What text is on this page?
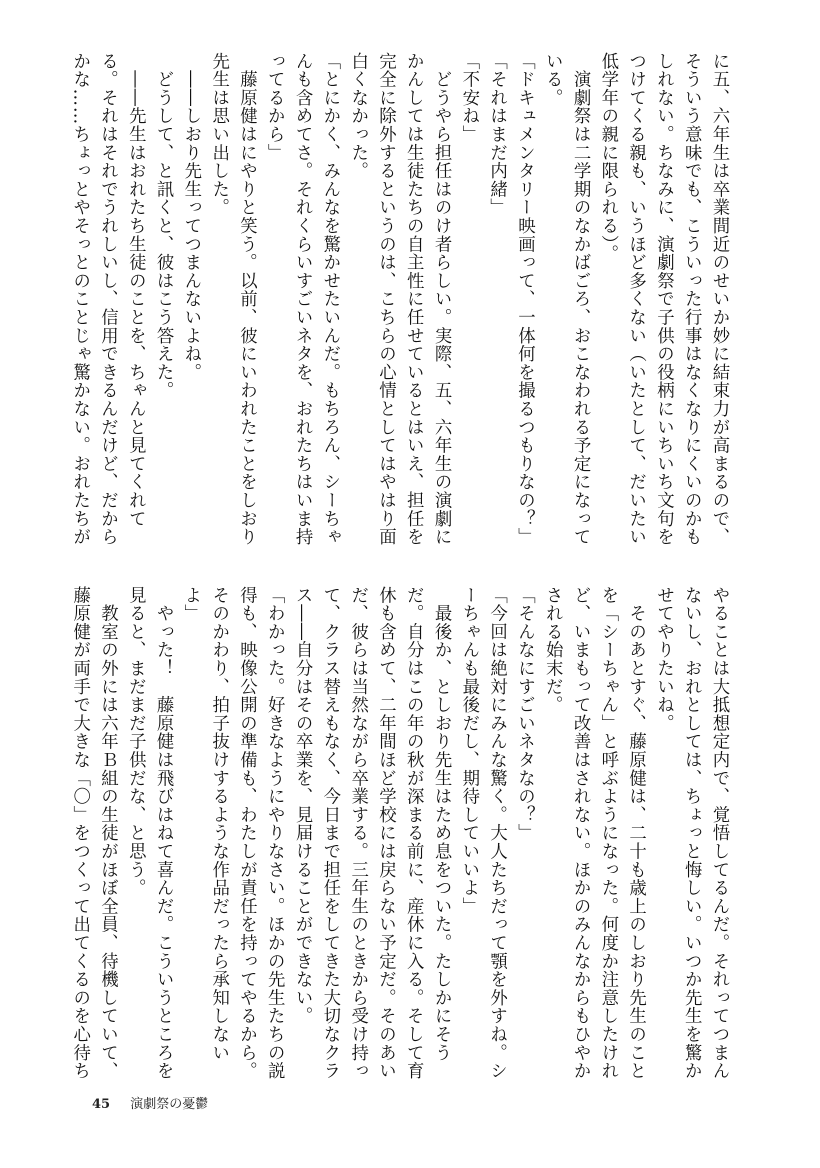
に五、六年生は卒業間近のせいか妙に結束力が高まるので、
そういう意味でも、こういった行事はなくなりにくいのかも
しれない。ちなみに、演劇祭で子供の役柄にいちいち文句を
つけてくる親も、いうほど多くない（いたとして、だいたい
低学年の親に限られる）。
　演劇祭は二学期のなかばごろ、おこなわれる予定になって
いる。
「ドキュメンタリー映画って、一体何を撮るつもりなの？」
「それはまだ内緒」
「不安ね」
　どうやら担任はのけ者らしい。実際、五、六年生の演劇に
かんしては生徒たちの自主性に任せているとはいえ、担任を
完全に除外するというのは、こちらの心情としてはやはり面
白くなかった。
「とにかく、みんなを驚かせたいんだ。もちろん、シーちゃ
んも含めてさ。それくらいすごいネタを、おれたちはいま持
ってるから」
　藤原健はにやりと笑う。以前、彼にいわれたことをしおり
先生は思い出した。
　――しおり先生ってつまんないよね。
　どうして、と訊くと、彼はこう答えた。
　――先生はおれたち生徒のことを、ちゃんと見てくれて
る。それはそれでうれしいし、信用できるんだけど、だから
かな……ちょっとやそっとのことじゃ驚かない。おれたちが
やることは大抵想定内で、覚悟してるんだ。それってつまん
ないし、おれとしては、ちょっと悔しい。いつか先生を驚か
せてやりたいね。
　そのあとすぐ、藤原健は、二十も歳上のしおり先生のこと
を「シーちゃん」と呼ぶようになった。何度か注意したけれ
ど、いまもって改善はされない。ほかのみんなからもひやか
される始末だ。
「そんなにすごいネタなの？」
「今回は絶対にみんな驚く。大人たちだって顎を外すね。シ
ーちゃんも最後だし、期待していいよ」
　最後か、としおり先生はため息をついた。たしかにそう
だ。自分はこの年の秋が深まる前に、産休に入る。そして育
休も含めて、二年間ほど学校には戻らない予定だ。そのあい
だ、彼らは当然ながら卒業する。三年生のときから受け持っ
て、クラス替えもなく、今日まで担任をしてきた大切なクラ
ス――自分はその卒業を、見届けることができない。
「わかった。好きなようにやりなさい。ほかの先生たちの説
得も、映像公開の準備も、わたしが責任を持ってやるから。
そのかわり、拍子抜けするような作品だったら承知しない
よ」
　やった！　藤原健は飛びはねて喜んだ。こういうところを
見ると、まだまだ子供だな、と思う。
　教室の外には六年Ｂ組の生徒がほぼ全員、待機していて、
藤原健が両手で大きな「〇」をつくって出てくるのを心待ち
45 演劇祭の憂鬱
